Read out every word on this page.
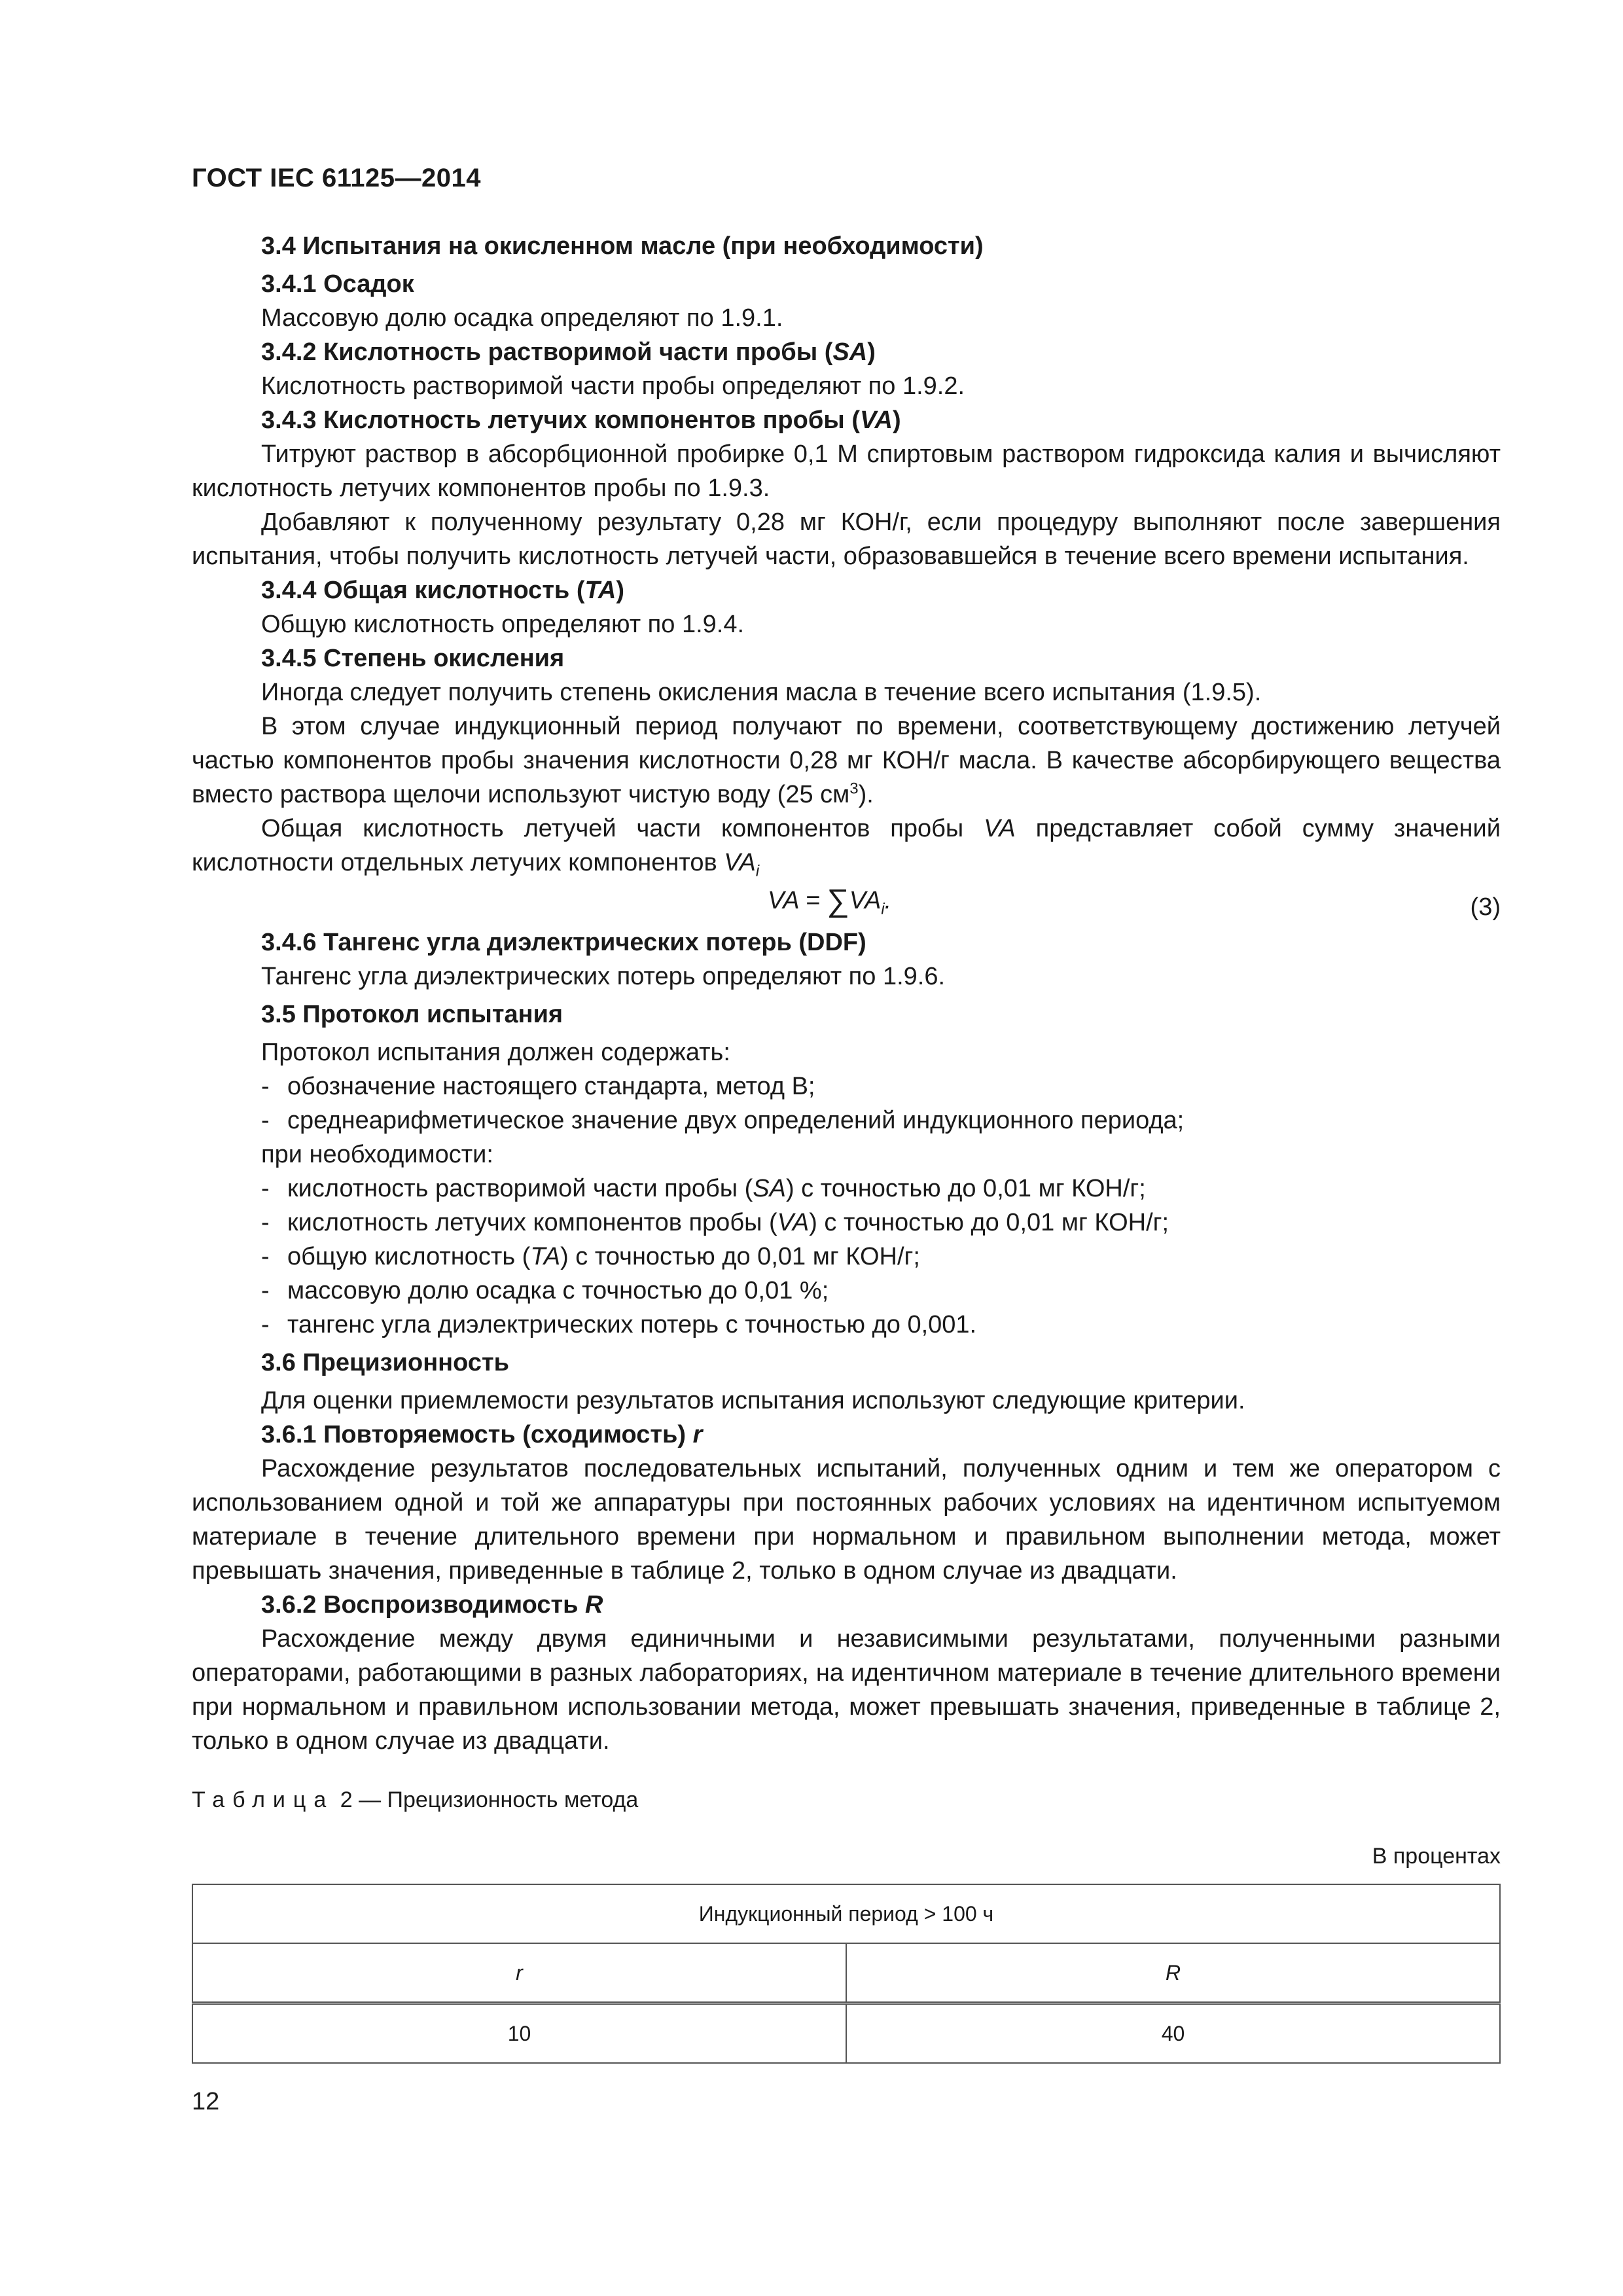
ГОСТ IEC 61125—2014

3.4 Испытания на окисленном масле (при необходимости)

3.4.1 Осадок

Массовую долю осадка определяют по 1.9.1.

3.4.2 Кислотность растворимой части пробы (SA)

Кислотность растворимой части пробы определяют по 1.9.2.

3.4.3 Кислотность летучих компонентов пробы (VA)

Титруют раствор в абсорбционной пробирке 0,1 М спиртовым раствором гидроксида калия и вычисляют кислотность летучих компонентов пробы по 1.9.3.

Добавляют к полученному результату 0,28 мг КОН/г, если процедуру выполняют после завершения испытания, чтобы получить кислотность летучей части, образовавшейся в течение всего времени испытания.

3.4.4 Общая кислотность (TA)

Общую кислотность определяют по 1.9.4.

3.4.5 Степень окисления

Иногда следует получить степень окисления масла в течение всего испытания (1.9.5).

В этом случае индукционный период получают по времени, соответствующему достижению летучей частью компонентов пробы значения кислотности 0,28 мг КОН/г масла. В качестве абсорбирующего вещества вместо раствора щелочи используют чистую воду (25 $см^3$).

Общая кислотность летучей части компонентов пробы VA представляет собой сумму значений кислотности отдельных летучих компонентов $VA_i$

VA = $\sum VA_i$.	(3)

3.4.6 Тангенс угла диэлектрических потерь (DDF)

Тангенс угла диэлектрических потерь определяют по 1.9.6.

3.5 Протокол испытания

Протокол испытания должен содержать:

- обозначение настоящего стандарта, метод В;

- среднеарифметическое значение двух определений индукционного периода;

при необходимости:

- кислотность растворимой части пробы (SA) с точностью до 0,01 мг КОН/г;

- кислотность летучих компонентов пробы (VA) с точностью до 0,01 мг КОН/г;

- общую кислотность (TA) с точностью до 0,01 мг КОН/г;

- массовую долю осадка с точностью до 0,01 %;

- тангенс угла диэлектрических потерь с точностью до 0,001.

3.6 Прецизионность

Для оценки приемлемости результатов испытания используют следующие критерии.

3.6.1 Повторяемость (сходимость) r

Расхождение результатов последовательных испытаний, полученных одним и тем же оператором с использованием одной и той же аппаратуры при постоянных рабочих условиях на идентичном испытуемом материале в течение длительного времени при нормальном и правильном выполнении метода, может превышать значения, приведенные в таблице 2, только в одном случае из двадцати.

3.6.2 Воспроизводимость R

Расхождение между двумя единичными и независимыми результатами, полученными разными операторами, работающими в разных лабораториях, на идентичном материале в течение длительного времени при нормальном и правильном использовании метода, может превышать значения, приведенные в таблице 2, только в одном случае из двадцати.

Таблица 2 — Прецизионность метода

В процентах

Индукционный период > 100 ч	
r	R
10	40
12
